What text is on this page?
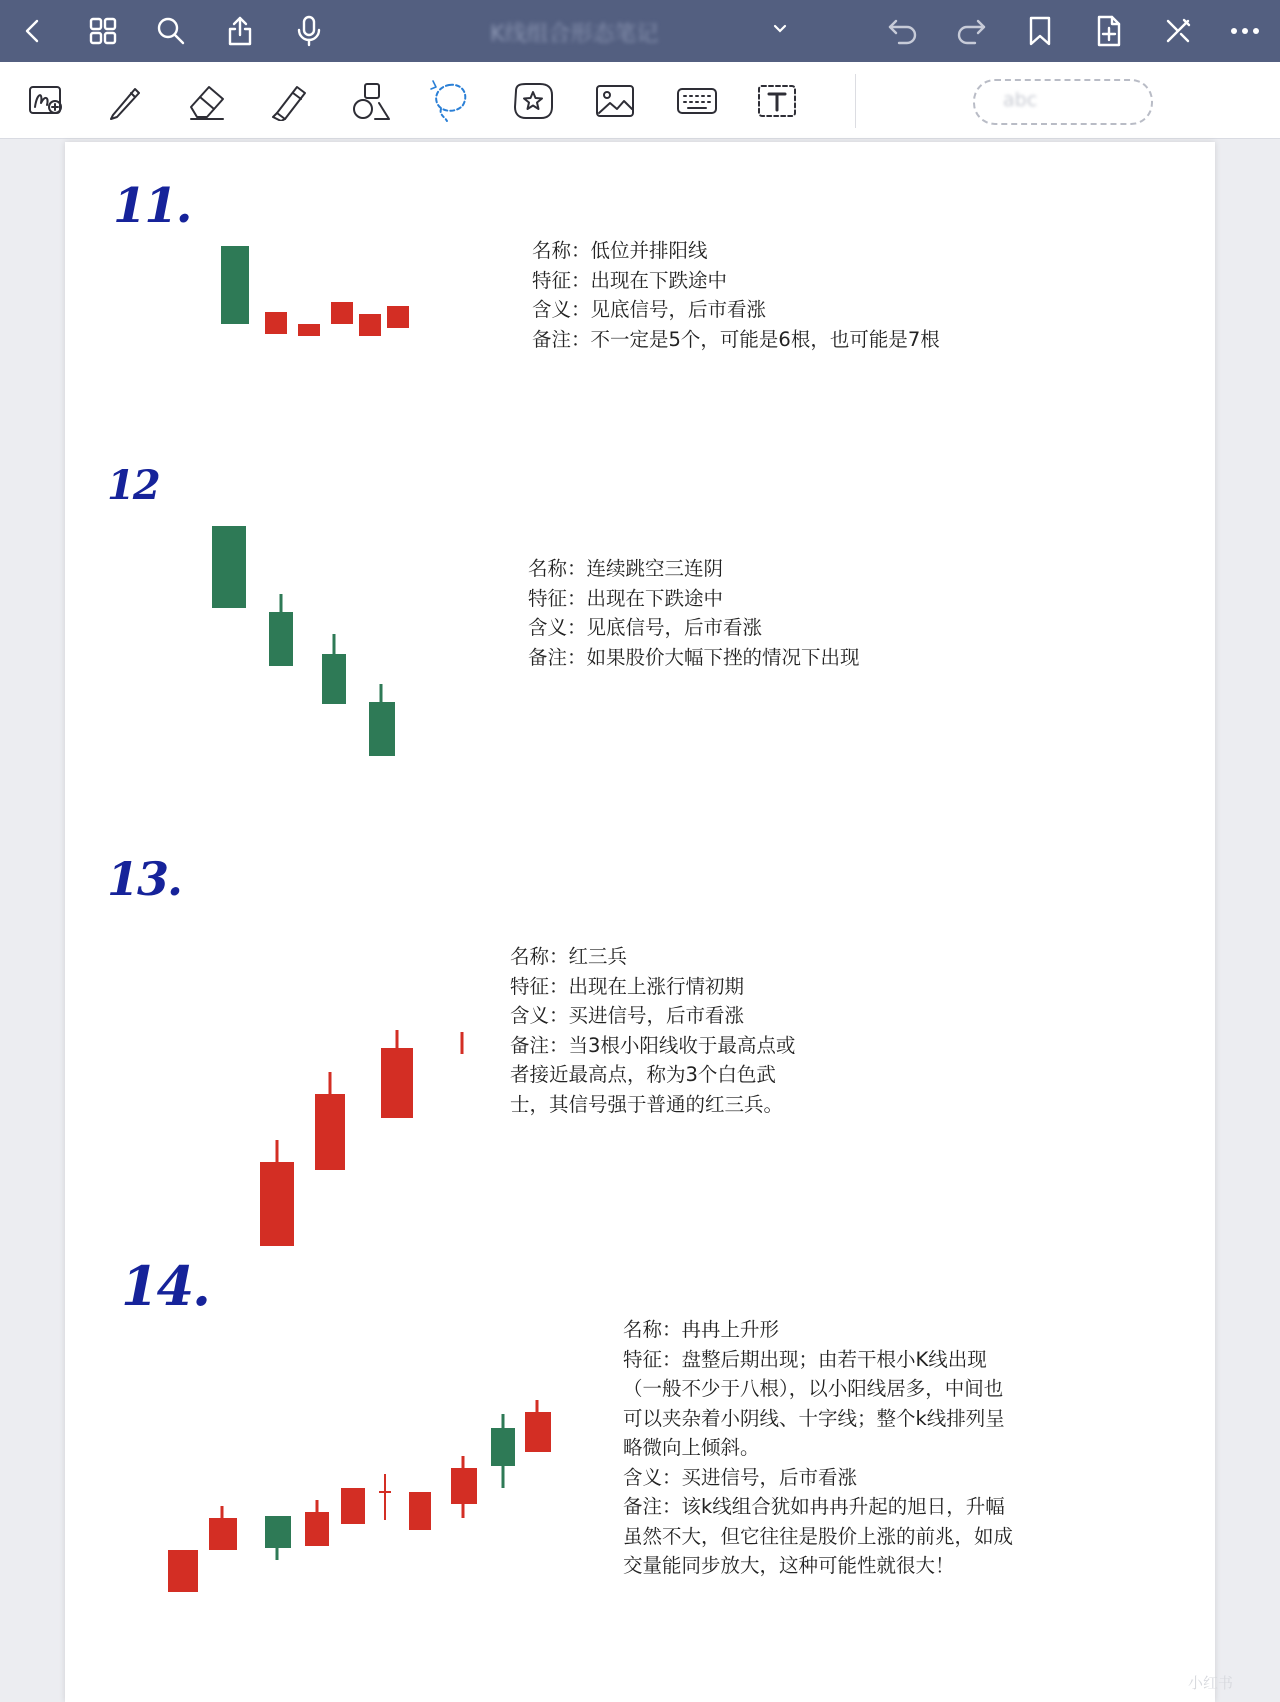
K线组合形态笔记
abc
11.
名称：低位并排阳线
特征：出现在下跌途中
含义：见底信号，后市看涨
备注：不一定是5个，可能是6根，也可能是7根
12
名称：连续跳空三连阴
特征：出现在下跌途中
含义：见底信号，后市看涨
备注：如果股价大幅下挫的情况下出现
13.
名称：红三兵
特征：出现在上涨行情初期
含义：买进信号，后市看涨
备注：当3根小阳线收于最高点或
者接近最高点，称为3个白色武
士，其信号强于普通的红三兵。
14.
名称：冉冉上升形
特征：盘整后期出现；由若干根小K线出现
（一般不少于八根），以小阳线居多，中间也
可以夹杂着小阴线、十字线；整个k线排列呈
略微向上倾斜。
含义：买进信号，后市看涨
备注：该k线组合犹如冉冉升起的旭日，升幅
虽然不大，但它往往是股价上涨的前兆，如成
交量能同步放大，这种可能性就很大！
小红书
